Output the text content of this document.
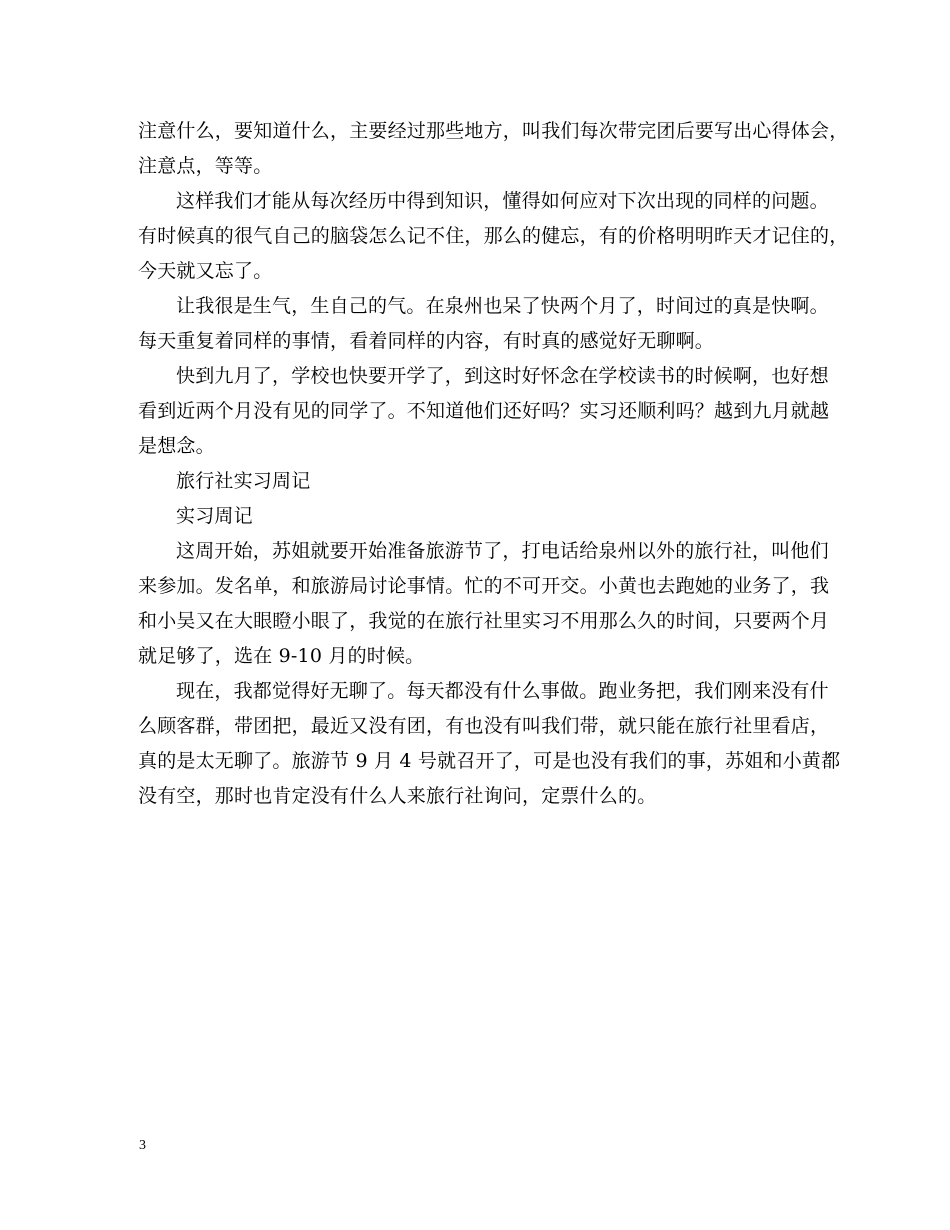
注意什么，要知道什么，主要经过那些地方，叫我们每次带完团后要写出心得体会，
注意点，等等。
这样我们才能从每次经历中得到知识，懂得如何应对下次出现的同样的问题。
有时候真的很气自己的脑袋怎么记不住，那么的健忘，有的价格明明昨天才记住的，
今天就又忘了。
让我很是生气，生自己的气。在泉州也呆了快两个月了，时间过的真是快啊。
每天重复着同样的事情，看着同样的内容，有时真的感觉好无聊啊。
快到九月了，学校也快要开学了，到这时好怀念在学校读书的时候啊，也好想
看到近两个月没有见的同学了。不知道他们还好吗？实习还顺利吗？越到九月就越
是想念。
旅行社实习周记
实习周记
这周开始，苏姐就要开始准备旅游节了，打电话给泉州以外的旅行社，叫他们
来参加。发名单，和旅游局讨论事情。忙的不可开交。小黄也去跑她的业务了，我
和小吴又在大眼瞪小眼了，我觉的在旅行社里实习不用那么久的时间，只要两个月
就足够了，选在 9-10 月的时候。
现在，我都觉得好无聊了。每天都没有什么事做。跑业务把，我们刚来没有什
么顾客群，带团把，最近又没有团，有也没有叫我们带，就只能在旅行社里看店，
真的是太无聊了。旅游节 9 月 4 号就召开了，可是也没有我们的事，苏姐和小黄都
没有空，那时也肯定没有什么人来旅行社询问，定票什么的。
3
